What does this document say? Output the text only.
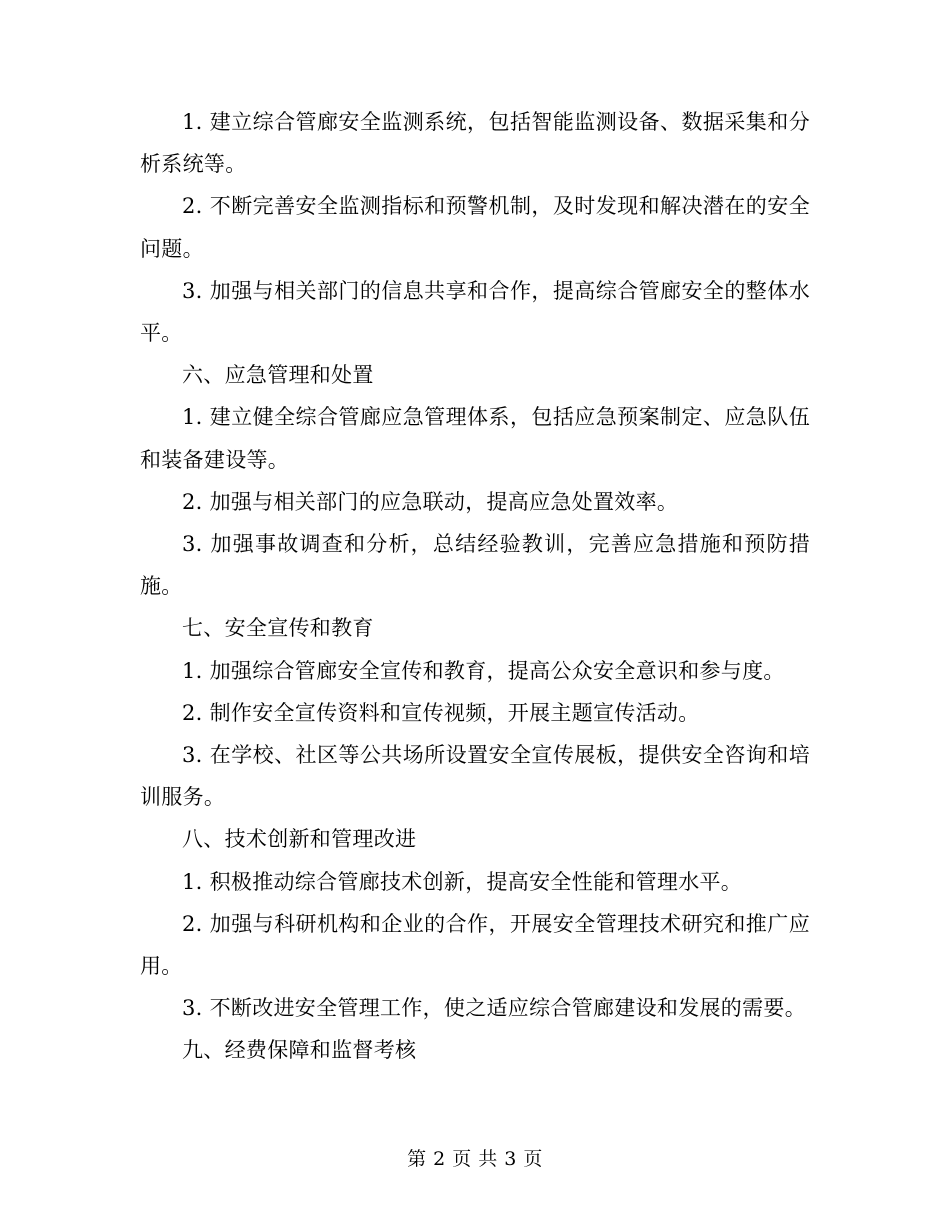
1. 建立综合管廊安全监测系统，包括智能监测设备、数据采集和分析系统等。

2. 不断完善安全监测指标和预警机制，及时发现和解决潜在的安全问题。

3. 加强与相关部门的信息共享和合作，提高综合管廊安全的整体水平。

六、应急管理和处置

1. 建立健全综合管廊应急管理体系，包括应急预案制定、应急队伍和装备建设等。

2. 加强与相关部门的应急联动，提高应急处置效率。

3. 加强事故调查和分析，总结经验教训，完善应急措施和预防措施。

七、安全宣传和教育

1. 加强综合管廊安全宣传和教育，提高公众安全意识和参与度。

2. 制作安全宣传资料和宣传视频，开展主题宣传活动。

3. 在学校、社区等公共场所设置安全宣传展板，提供安全咨询和培训服务。

八、技术创新和管理改进

1. 积极推动综合管廊技术创新，提高安全性能和管理水平。

2. 加强与科研机构和企业的合作，开展安全管理技术研究和推广应用。

3. 不断改进安全管理工作，使之适应综合管廊建设和发展的需要。

九、经费保障和监督考核

第 2 页 共 3 页
